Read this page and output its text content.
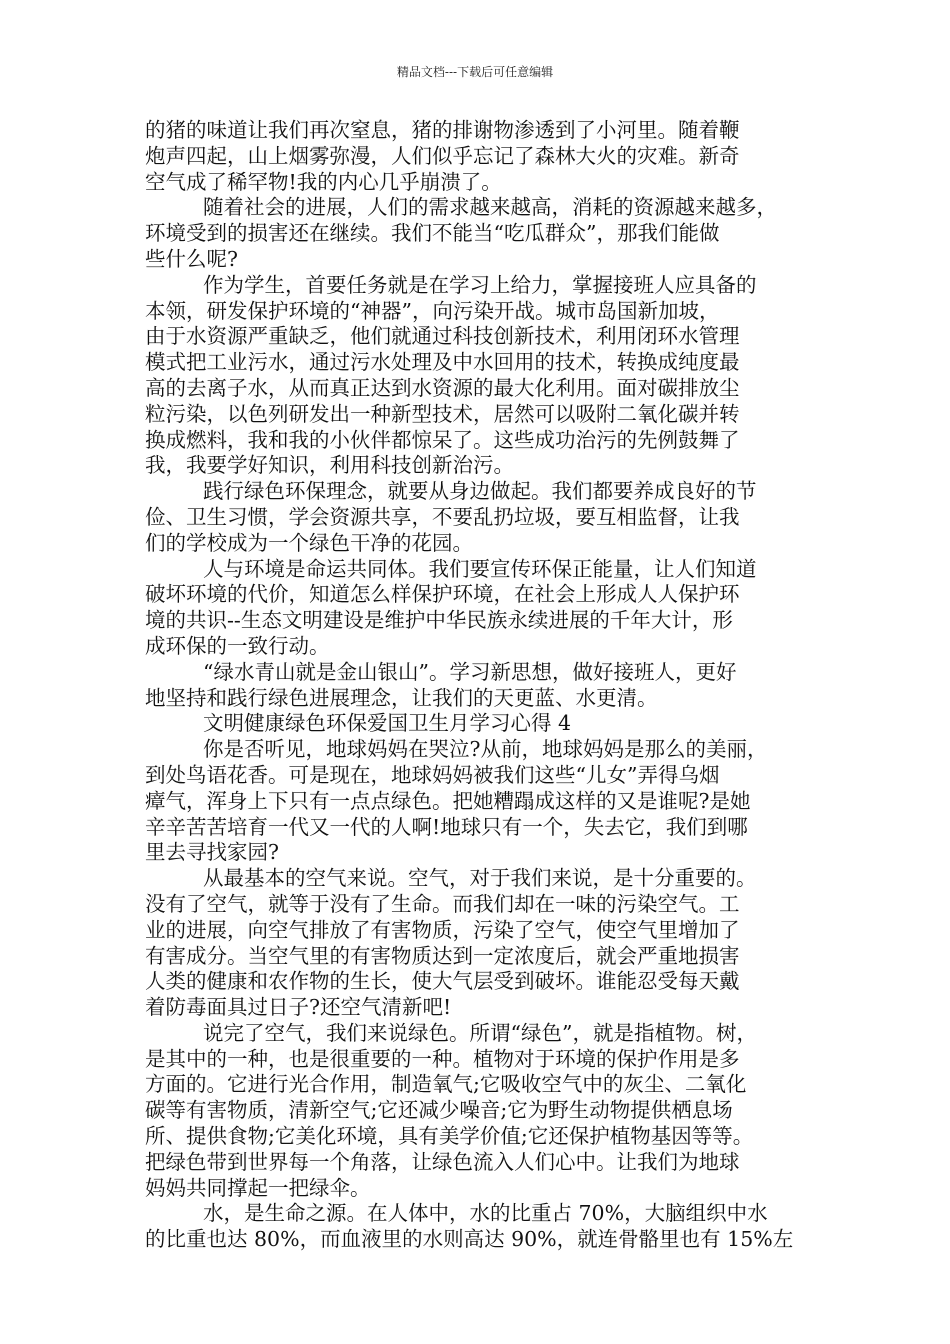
精品文档---下载后可任意编辑
的猪的味道让我们再次窒息，猪的排谢物渗透到了小河里。随着鞭
炮声四起，山上烟雾弥漫，人们似乎忘记了森林大火的灾难。新奇
空气成了稀罕物!我的内心几乎崩溃了。
随着社会的进展，人们的需求越来越高，消耗的资源越来越多，
环境受到的损害还在继续。我们不能当“吃瓜群众”，那我们能做
些什么呢?
作为学生，首要任务就是在学习上给力，掌握接班人应具备的
本领，研发保护环境的“神器”，向污染开战。城市岛国新加坡，
由于水资源严重缺乏，他们就通过科技创新技术，利用闭环水管理
模式把工业污水，通过污水处理及中水回用的技术，转换成纯度最
高的去离子水，从而真正达到水资源的最大化利用。面对碳排放尘
粒污染，以色列研发出一种新型技术，居然可以吸附二氧化碳并转
换成燃料，我和我的小伙伴都惊呆了。这些成功治污的先例鼓舞了
我，我要学好知识，利用科技创新治污。
践行绿色环保理念，就要从身边做起。我们都要养成良好的节
俭、卫生习惯，学会资源共享，不要乱扔垃圾，要互相监督，让我
们的学校成为一个绿色干净的花园。
人与环境是命运共同体。我们要宣传环保正能量，让人们知道
破坏环境的代价，知道怎么样保护环境，在社会上形成人人保护环
境的共识--生态文明建设是维护中华民族永续进展的千年大计，形
成环保的一致行动。
“绿水青山就是金山银山”。学习新思想，做好接班人，更好
地坚持和践行绿色进展理念，让我们的天更蓝、水更清。
文明健康绿色环保爱国卫生月学习心得 4
你是否听见，地球妈妈在哭泣?从前，地球妈妈是那么的美丽，
到处鸟语花香。可是现在，地球妈妈被我们这些“儿女”弄得乌烟
瘴气，浑身上下只有一点点绿色。把她糟蹋成这样的又是谁呢?是她
辛辛苦苦培育一代又一代的人啊!地球只有一个，失去它，我们到哪
里去寻找家园?
从最基本的空气来说。空气，对于我们来说，是十分重要的。
没有了空气，就等于没有了生命。而我们却在一味的污染空气。工
业的进展，向空气排放了有害物质，污染了空气，使空气里增加了
有害成分。当空气里的有害物质达到一定浓度后，就会严重地损害
人类的健康和农作物的生长，使大气层受到破坏。谁能忍受每天戴
着防毒面具过日子?还空气清新吧!
说完了空气，我们来说绿色。所谓“绿色”，就是指植物。树，
是其中的一种，也是很重要的一种。植物对于环境的保护作用是多
方面的。它进行光合作用，制造氧气;它吸收空气中的灰尘、二氧化
碳等有害物质，清新空气;它还减少噪音;它为野生动物提供栖息场
所、提供食物;它美化环境，具有美学价值;它还保护植物基因等等。
把绿色带到世界每一个角落，让绿色流入人们心中。让我们为地球
妈妈共同撑起一把绿伞。
水，是生命之源。在人体中，水的比重占 70%，大脑组织中水
的比重也达 80%，而血液里的水则高达 90%，就连骨骼里也有 15%左
